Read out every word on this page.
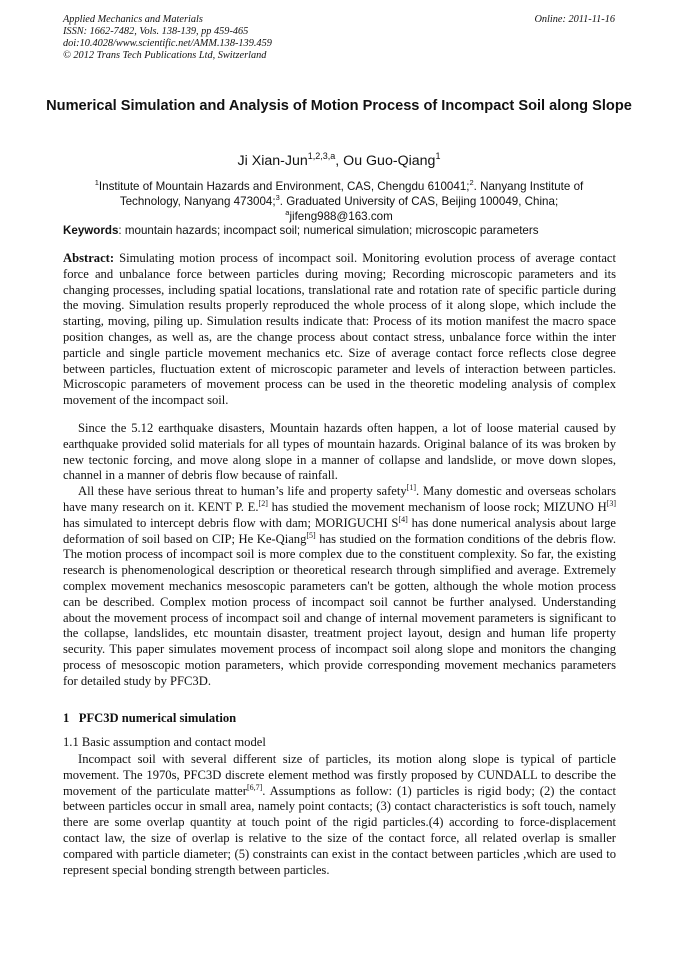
Applied Mechanics and Materials
ISSN: 1662-7482, Vols. 138-139, pp 459-465
doi:10.4028/www.scientific.net/AMM.138-139.459
© 2012 Trans Tech Publications Ltd, Switzerland
Online: 2011-11-16
Numerical Simulation and Analysis of Motion Process of Incompact Soil along Slope
Ji Xian-Jun$^{1,2,3,a}$, Ou Guo-Qiang$^1$
$^1$Institute of Mountain Hazards and Environment, CAS, Chengdu 610041;$^2$. Nanyang Institute of Technology, Nanyang 473004;$^3$. Graduated University of CAS, Beijing 100049, China;
$^a$jifeng988@163.com
Keywords: mountain hazards; incompact soil; numerical simulation; microscopic parameters
Abstract: Simulating motion process of incompact soil. Monitoring evolution process of average contact force and unbalance force between particles during moving; Recording microscopic parameters and its changing processes, including spatial locations, translational rate and rotation rate of specific particle during the moving. Simulation results properly reproduced the whole process of it along slope, which include the starting, moving, piling up. Simulation results indicate that: Process of its motion manifest the macro space position changes, as well as, are the change process about contact stress, unbalance force within the inter particle and single particle movement mechanics etc. Size of average contact force reflects close degree between particles, fluctuation extent of microscopic parameter and levels of interaction between particles. Microscopic parameters of movement process can be used in the theoretic modeling analysis of complex movement of the incompact soil.

Since the 5.12 earthquake disasters, Mountain hazards often happen, a lot of loose material caused by earthquake provided solid materials for all types of mountain hazards. Original balance of its was broken by new tectonic forcing, and move along slope in a manner of collapse and landslide, or move down slopes, channel in a manner of debris flow because of rainfall.

All these have serious threat to human’s life and property safety[1]. Many domestic and overseas scholars have many research on it. KENT P. E.[2] has studied the movement mechanism of loose rock; MIZUNO H[3] has simulated to intercept debris flow with dam; MORIGUCHI S[4] has done numerical analysis about large deformation of soil based on CIP; He Ke-Qiang[5] has studied on the formation conditions of the debris flow. The motion process of incompact soil is more complex due to the constituent complexity. So far, the existing research is phenomenological description or theoretical research through simplified and average. Extremely complex movement mechanics mesoscopic parameters can't be gotten, although the whole motion process can be described. Complex motion process of incompact soil cannot be further analysed. Understanding about the movement process of incompact soil and change of internal movement parameters is significant to the collapse, landslides, etc mountain disaster, treatment project layout, design and human life property security. This paper simulates movement process of incompact soil along slope and monitors the changing process of mesoscopic motion parameters, which provide corresponding movement mechanics parameters for detailed study by PFC3D.

1 PFC3D numerical simulation
1.1 Basic assumption and contact model

Incompact soil with several different size of particles, its motion along slope is typical of particle movement. The 1970s, PFC3D discrete element method was firstly proposed by CUNDALL to describe the movement of the particulate matter[6,7]. Assumptions as follow: (1) particles is rigid body; (2) the contact between particles occur in small area, namely point contacts; (3) contact characteristics is soft touch, namely there are some overlap quantity at touch point of the rigid particles.(4) according to force-displacement contact law, the size of overlap is relative to the size of the contact force, all related overlap is smaller compared with particle diameter; (5) constraints can exist in the contact between particles ,which are used to represent special bonding strength between particles.
